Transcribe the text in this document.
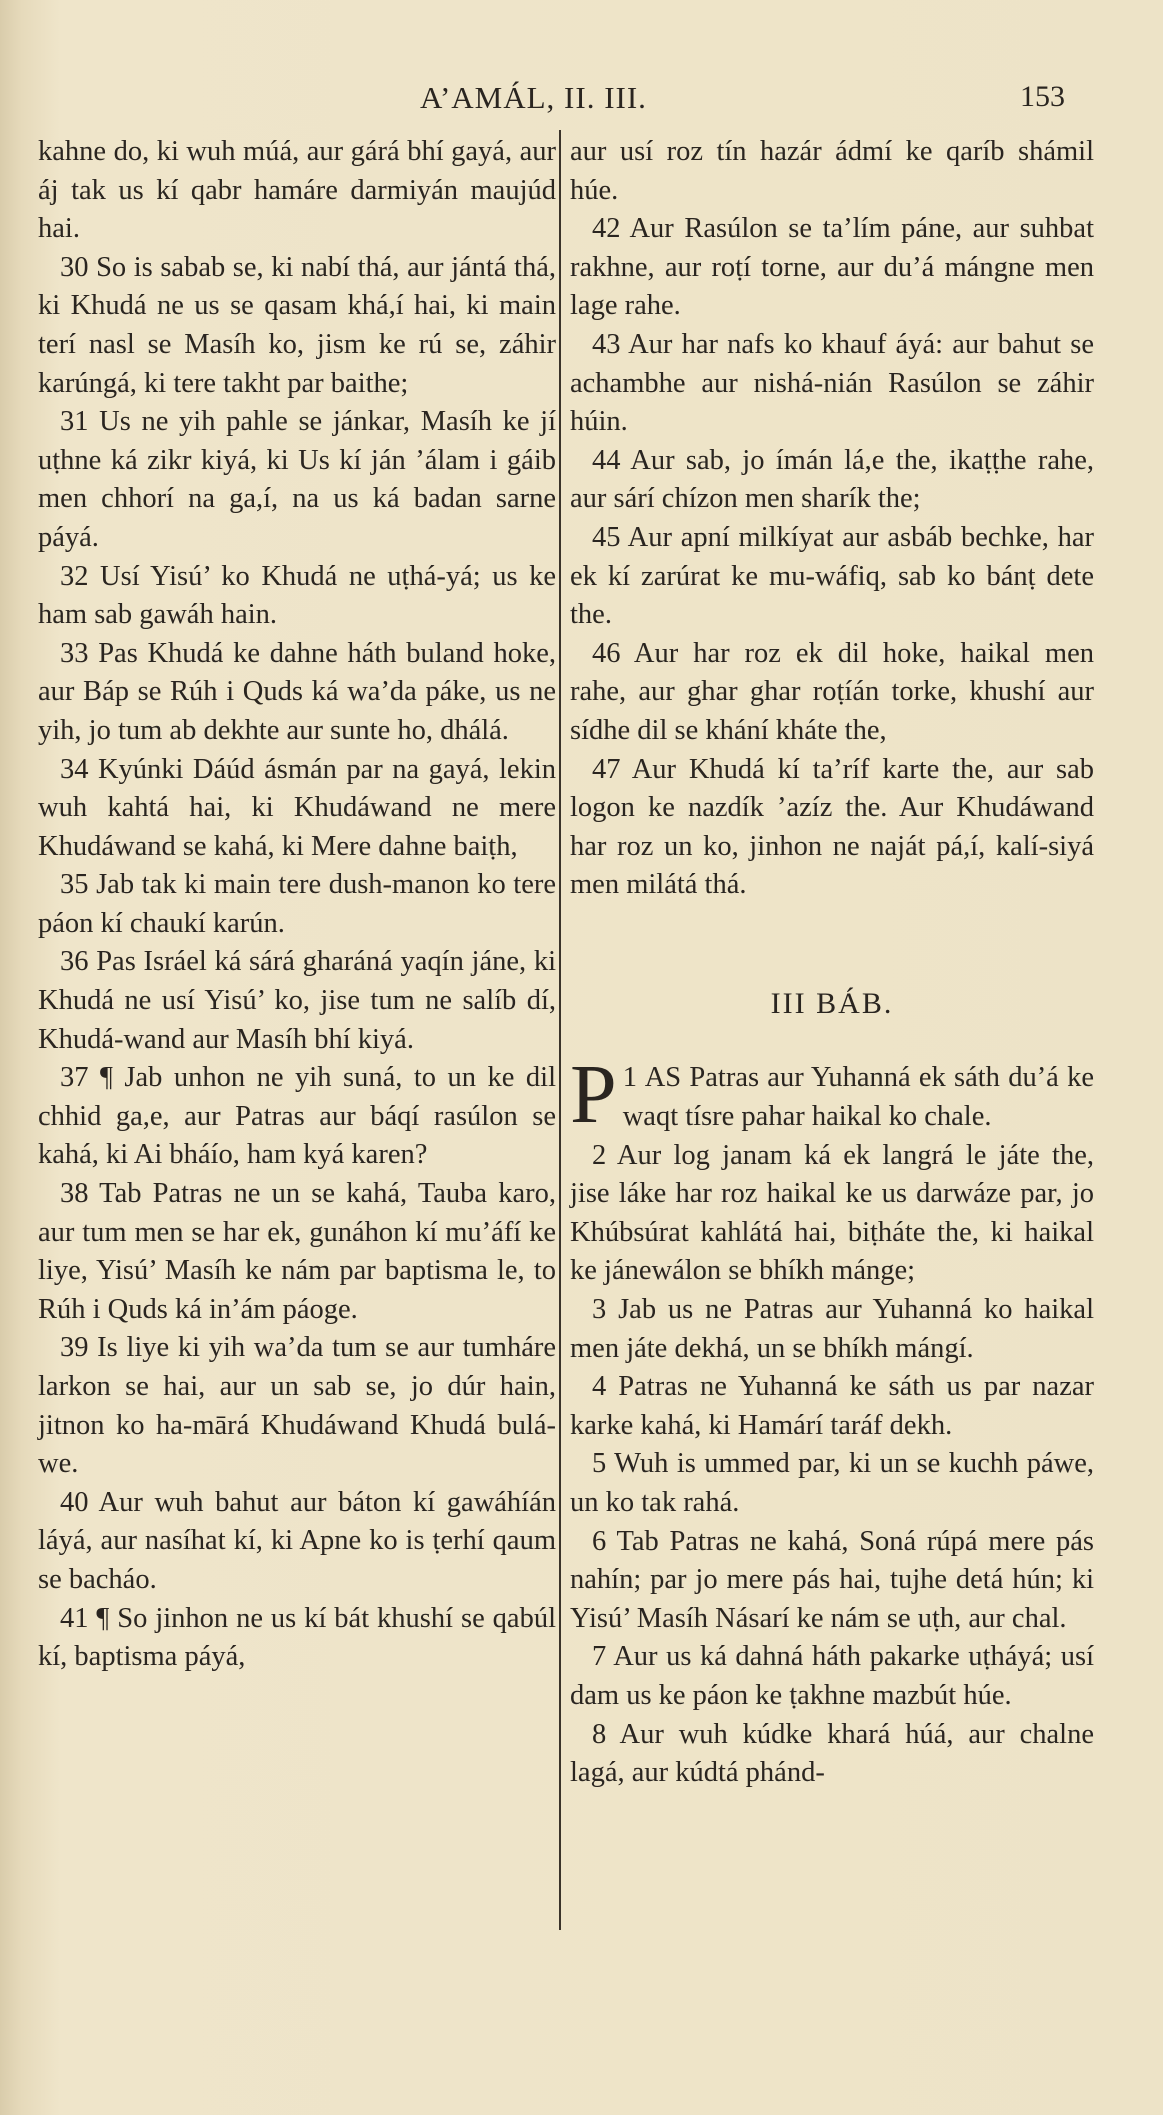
A’AMÁL, II. III.	153

kahne do, ki wuh múá, aur gárá bhí gayá, aur áj tak us kí qabr hamáre darmiyán maujúd hai.

30 So is sabab se, ki nabí thá, aur jántá thá, ki Khudá ne us se qasam khá,í hai, ki main terí nasl se Masíh ko, jism ke rú se, záhir karúngá, ki tere takht par baithe;

31 Us ne yih pahle se jánkar, Masíh ke jí uṭhne ká zikr kiyá, ki Us kí ján ’álam i gáib men chhorí na ga,í, na us ká badan sarne páyá.

32 Usí Yisú’ ko Khudá ne uṭhá-yá; us ke ham sab gawáh hain.

33 Pas Khudá ke dahne háth buland hoke, aur Báp se Rúh i Quds ká wa’da páke, us ne yih, jo tum ab dekhte aur sunte ho, dhálá.

34 Kyúnki Dáúd ásmán par na gayá, lekin wuh kahtá hai, ki Khudáwand ne mere Khudáwand se kahá, ki Mere dahne baiṭh,

35 Jab tak ki main tere dush-manon ko tere páon kí chaukí karún.

36 Pas Isráel ká sárá gharáná yaqín jáne, ki Khudá ne usí Yisú’ ko, jise tum ne salíb dí, Khudá-wand aur Masíh bhí kiyá.

37 ¶ Jab unhon ne yih suná, to un ke dil chhid ga,e, aur Patras aur báqí rasúlon se kahá, ki Ai bháío, ham kyá karen?

38 Tab Patras ne un se kahá, Tauba karo, aur tum men se har ek, gunáhon kí mu’áfí ke liye, Yisú’ Masíh ke nám par baptisma le, to Rúh i Quds ká in’ám páoge.

39 Is liye ki yih wa’da tum se aur tumháre larkon se hai, aur un sab se, jo dúr hain, jitnon ko ha-mārá Khudáwand Khudá bulá-we.

40 Aur wuh bahut aur báton kí gawáhíán láyá, aur nasíhat kí, ki Apne ko is ṭerhí qaum se bacháo.

41 ¶ So jinhon ne us kí bát khushí se qabúl kí, baptisma páyá,

aur usí roz tín hazár ádmí ke qaríb shámil húe.

42 Aur Rasúlon se ta’lím páne, aur suhbat rakhne, aur roṭí torne, aur du’á mángne men lage rahe.

43 Aur har nafs ko khauf áyá: aur bahut se achambhe aur nishá-nián Rasúlon se záhir húin.

44 Aur sab, jo ímán lá,e the, ikaṭṭhe rahe, aur sárí chízon men sharík the;

45 Aur apní milkíyat aur asbáb bechke, har ek kí zarúrat ke mu-wáfiq, sab ko bánṭ dete the.

46 Aur har roz ek dil hoke, haikal men rahe, aur ghar ghar roṭíán torke, khushí aur sídhe dil se khání kháte the,

47 Aur Khudá kí ta’ríf karte the, aur sab logon ke nazdík ’azíz the. Aur Khudáwand har roz un ko, jinhon ne naját pá,í, kalí-siyá men milátá thá.

III BÁB.

1
P AS Patras aur Yuhanná ek sáth du’á ke waqt tísre pahar haikal ko chale.

2 Aur log janam ká ek langrá le játe the, jise láke har roz haikal ke us darwáze par, jo Khúbsúrat kahlátá hai, biṭháte the, ki haikal ke jánewálon se bhíkh mánge;

3 Jab us ne Patras aur Yuhanná ko haikal men játe dekhá, un se bhíkh mángí.

4 Patras ne Yuhanná ke sáth us par nazar karke kahá, ki Hamárí taráf dekh.

5 Wuh is ummed par, ki un se kuchh páwe, un ko tak rahá.

6 Tab Patras ne kahá, Soná rúpá mere pás nahín; par jo mere pás hai, tujhe detá hún; ki Yisú’ Masíh Násarí ke nám se uṭh, aur chal.

7 Aur us ká dahná háth pakarke uṭháyá; usí dam us ke páon ke ṭakhne mazbút húe.

8 Aur wuh kúdke khará húá, aur chalne lagá, aur kúdtá phánd-
